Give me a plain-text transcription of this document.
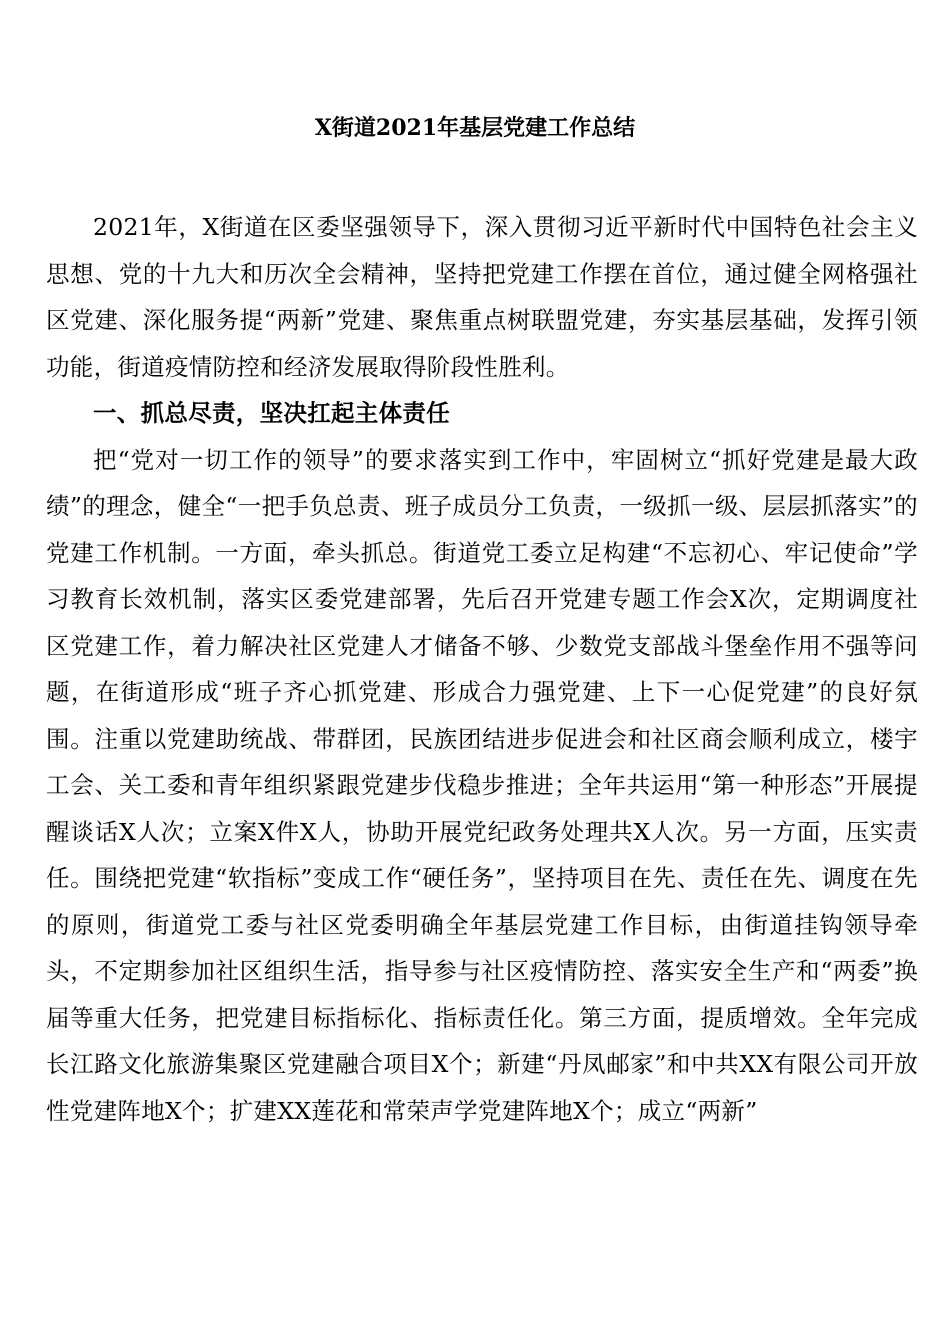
X街道2021年基层党建工作总结

2021年，X街道在区委坚强领导下，深入贯彻习近平新时代中国特色社会主义思想、党的十九大和历次全会精神，坚持把党建工作摆在首位，通过健全网格强社区党建、深化服务提“两新”党建、聚焦重点树联盟党建，夯实基层基础，发挥引领功能，街道疫情防控和经济发展取得阶段性胜利。

一、抓总尽责，坚决扛起主体责任

把“党对一切工作的领导”的要求落实到工作中，牢固树立“抓好党建是最大政绩”的理念，健全“一把手负总责、班子成员分工负责，一级抓一级、层层抓落实”的党建工作机制。一方面，牵头抓总。街道党工委立足构建“不忘初心、牢记使命”学习教育长效机制，落实区委党建部署，先后召开党建专题工作会X次，定期调度社区党建工作，着力解决社区党建人才储备不够、少数党支部战斗堡垒作用不强等问题，在街道形成“班子齐心抓党建、形成合力强党建、上下一心促党建”的良好氛围。注重以党建助统战、带群团，民族团结进步促进会和社区商会顺利成立，楼宇工会、关工委和青年组织紧跟党建步伐稳步推进；全年共运用“第一种形态”开展提醒谈话X人次；立案X件X人，协助开展党纪政务处理共X人次。另一方面，压实责任。围绕把党建“软指标”变成工作“硬任务”，坚持项目在先、责任在先、调度在先的原则，街道党工委与社区党委明确全年基层党建工作目标，由街道挂钩领导牵头，不定期参加社区组织生活，指导参与社区疫情防控、落实安全生产和“两委”换届等重大任务，把党建目标指标化、指标责任化。第三方面，提质增效。全年完成长江路文化旅游集聚区党建融合项目X个；新建“丹凤邮家”和中共XX有限公司开放性党建阵地X个；扩建XX莲花和常荣声学党建阵地X个；成立“两新”
